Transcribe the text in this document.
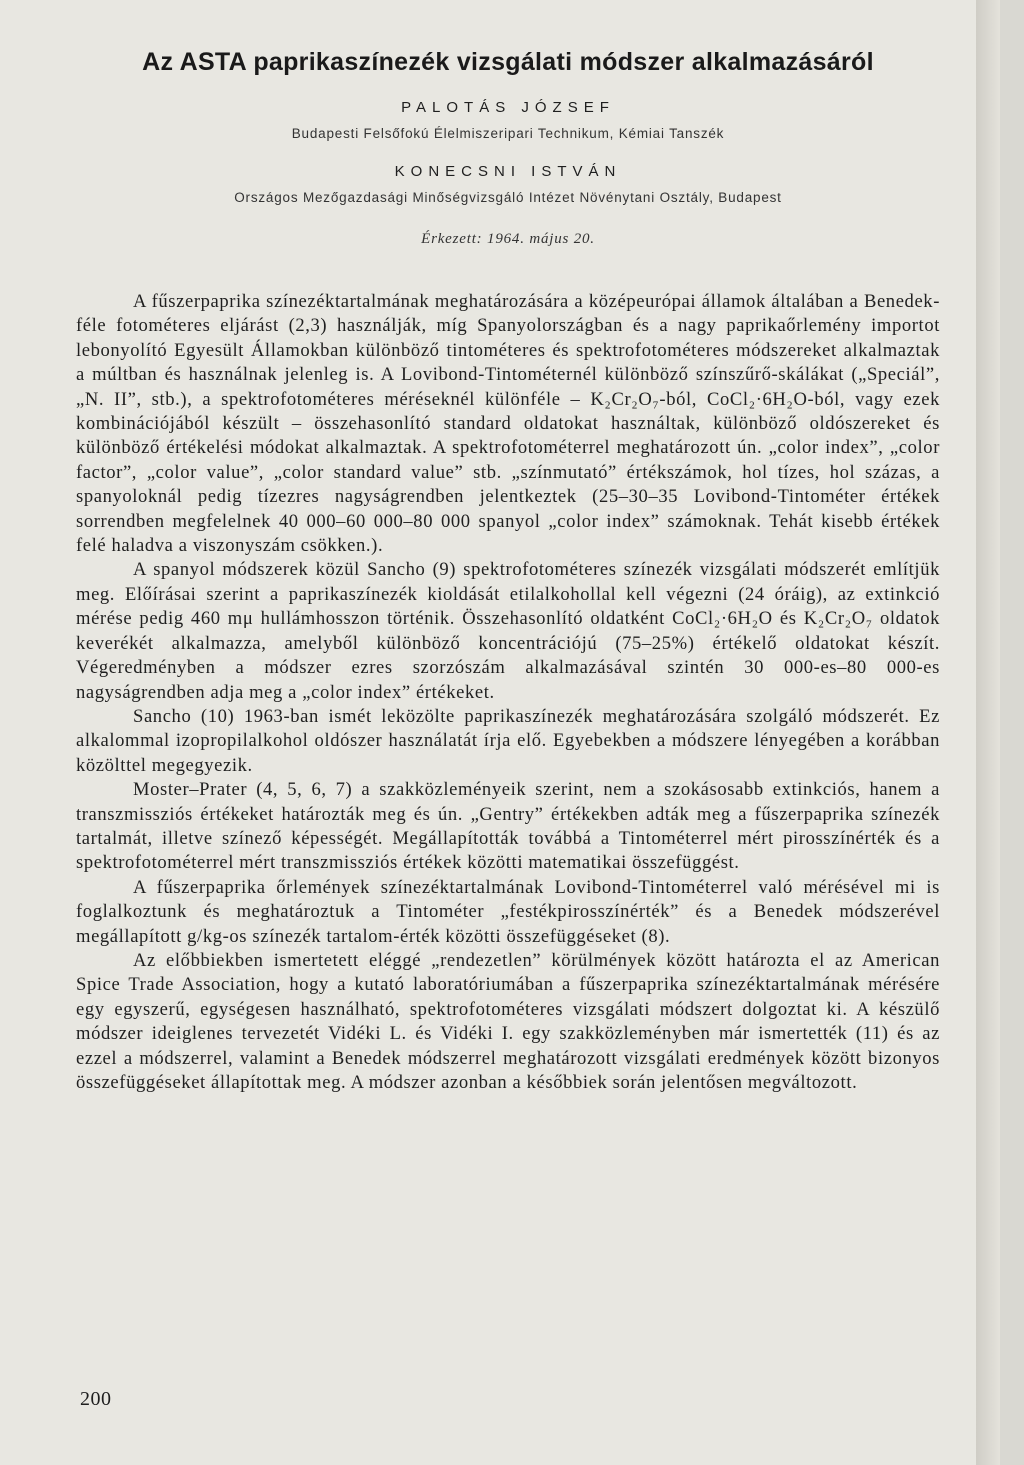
Az ASTA paprikaszínezék vizsgálati módszer alkalmazásáról
PALOTÁS JÓZSEF
Budapesti Felsőfokú Élelmiszeripari Technikum, Kémiai Tanszék
KONECSNI ISTVÁN
Országos Mezőgazdasági Minőségvizsgáló Intézet Növénytani Osztály, Budapest
Érkezett: 1964. május 20.

A fűszerpaprika színezéktartalmának meghatározására a középeurópai államok általában a Benedek-féle fotométeres eljárást (2,3) használják, míg Spanyolországban és a nagy paprikaőrlemény importot lebonyolító Egyesült Államokban különböző tintométeres és spektrofotométeres módszereket alkalmaztak a múltban és használnak jelenleg is. A Lovibond-Tintométernél különböző színszűrő-skálákat („Speciál”, „N. II”, stb.), a spektrofotométeres méréseknél különféle – K₂Cr₂O₇-ból, CoCl₂·6H₂O-ból, vagy ezek kombinációjából készült – összehasonlító standard oldatokat használtak, különböző oldószereket és különböző értékelési módokat alkalmaztak. A spektrofotométerrel meghatározott ún. „color index”, „color factor”, „color value”, „color standard value” stb. „színmutató” értékszámok, hol tízes, hol százas, a spanyoloknál pedig tízezres nagyságrendben jelentkeztek (25–30–35 Lovibond-Tintométer értékek sorrendben megfelelnek 40 000–60 000–80 000 spanyol „color index” számoknak. Tehát kisebb értékek felé haladva a viszonyszám csökken.).

A spanyol módszerek közül Sancho (9) spektrofotométeres színezék vizsgálati módszerét említjük meg. Előírásai szerint a paprikaszínezék kioldását etilalkohollal kell végezni (24 óráig), az extinkció mérése pedig 460 mμ hullámhosszon történik. Összehasonlító oldatként CoCl₂·6H₂O és K₂Cr₂O₇ oldatok keverékét alkalmazza, amelyből különböző koncentrációjú (75–25%) értékelő oldatokat készít. Végeredményben a módszer ezres szorzószám alkalmazásával szintén 30 000-es–80 000-es nagyságrendben adja meg a „color index” értékeket.

Sancho (10) 1963-ban ismét leközölte paprikaszínezék meghatározására szolgáló módszerét. Ez alkalommal izopropilalkohol oldószer használatát írja elő. Egyebekben a módszere lényegében a korábban közölttel megegyezik.

Moster–Prater (4, 5, 6, 7) a szakközleményeik szerint, nem a szokásosabb extinkciós, hanem a transzmissziós értékeket határozták meg és ún. „Gentry” értékekben adták meg a fűszerpaprika színezék tartalmát, illetve színező képességét. Megállapították továbbá a Tintométerrel mért pirosszínérték és a spektrofotométerrel mért transzmissziós értékek közötti matematikai összefüggést.

A fűszerpaprika őrlemények színezéktartalmának Lovibond-Tintométerrel való mérésével mi is foglalkoztunk és meghatároztuk a Tintométer „festékpirosszínérték” és a Benedek módszerével megállapított g/kg-os színezék tartalom-érték közötti összefüggéseket (8).

Az előbbiekben ismertetett eléggé „rendezetlen” körülmények között határozta el az American Spice Trade Association, hogy a kutató laboratóriumában a fűszerpaprika színezéktartalmának mérésére egy egyszerű, egységesen használható, spektrofotométeres vizsgálati módszert dolgoztat ki. A készülő módszer ideiglenes tervezetét Vidéki L. és Vidéki I. egy szakközleményben már ismertették (11) és az ezzel a módszerrel, valamint a Benedek módszerrel meghatározott vizsgálati eredmények között bizonyos összefüggéseket állapítottak meg. A módszer azonban a későbbiek során jelentősen megváltozott.

200
